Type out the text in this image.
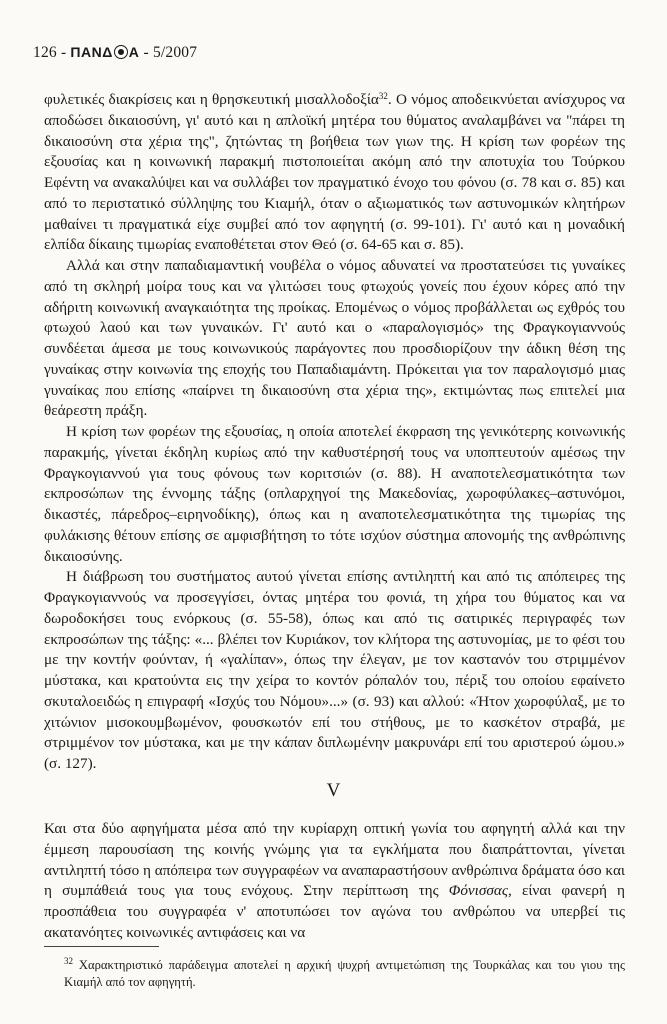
126 - ΠΑΝΔ Α - 5/2007

φυλετικές διακρίσεις και η θρησκευτική μισαλλοδοξία$^{32}$. Ο νόμος αποδεικνύεται ανίσχυρος να αποδώσει δικαιοσύνη, γι' αυτό και η απλοϊκή μητέρα του θύματος αναλαμβάνει να "πάρει τη δικαιοσύνη στα χέρια της", ζητώντας τη βοήθεια των γιων της. Η κρίση των φορέων της εξουσίας και η κοινωνική παρακμή πιστοποιείται ακόμη από την αποτυχία του Τούρκου Εφέντη να ανακαλύψει και να συλλάβει τον πραγματικό ένοχο του φόνου (σ. 78 και σ. 85) και από το περιστατικό σύλληψης του Κιαμήλ, όταν ο αξιωματικός των αστυνομικών κλητήρων μαθαίνει τι πραγματικά είχε συμβεί από τον αφηγητή (σ. 99-101). Γι' αυτό και η μοναδική ελπίδα δίκαιης τιμωρίας εναποθέτεται στον Θεό (σ. 64-65 και σ. 85).

Αλλά και στην παπαδιαμαντική νουβέλα ο νόμος αδυνατεί να προστατεύσει τις γυναίκες από τη σκληρή μοίρα τους και να γλιτώσει τους φτωχούς γονείς που έχουν κόρες από την αδήριτη κοινωνική αναγκαιότητα της προίκας. Επομένως ο νόμος προβάλλεται ως εχθρός του φτωχού λαού και των γυναικών. Γι' αυτό και ο «παραλογισμός» της Φραγκογιαννούς συνδέεται άμεσα με τους κοινωνικούς παράγοντες που προσδιορίζουν την άδικη θέση της γυναίκας στην κοινωνία της εποχής του Παπαδιαμάντη. Πρόκειται για τον παραλογισμό μιας γυναίκας που επίσης «παίρνει τη δικαιοσύνη στα χέρια της», εκτιμώντας πως επιτελεί μια θεάρεστη πράξη.

Η κρίση των φορέων της εξουσίας, η οποία αποτελεί έκφραση της γενικότερης κοινωνικής παρακμής, γίνεται έκδηλη κυρίως από την καθυστέρησή τους να υποπτευτούν αμέσως την Φραγκογιαννού για τους φόνους των κοριτσιών (σ. 88). Η αναποτελεσματικότητα των εκπροσώπων της έννομης τάξης (οπλαρχηγοί της Μακεδονίας, χωροφύλακες–αστυνόμοι, δικαστές, πάρεδρος–ειρηνοδίκης), όπως και η αναποτελεσματικότητα της τιμωρίας της φυλάκισης θέτουν επίσης σε αμφισβήτηση το τότε ισχύον σύστημα απονομής της ανθρώπινης δικαιοσύνης.

Η διάβρωση του συστήματος αυτού γίνεται επίσης αντιληπτή και από τις απόπειρες της Φραγκογιαννούς να προσεγγίσει, όντας μητέρα του φονιά, τη χήρα του θύματος και να δωροδοκήσει τους ενόρκους (σ. 55-58), όπως και από τις σατιρικές περιγραφές των εκπροσώπων της τάξης: «... βλέπει τον Κυριάκον, τον κλήτορα της αστυνομίας, με το φέσι του με την κοντήν φούνταν, ή «γαλίπαν», όπως την έλεγαν, με τον καστανόν του στριμμένον μύστακα, και κρατούντα εις την χείρα το κοντόν ρόπαλόν του, πέριξ του οποίου εφαίνετο σκυταλοειδώς η επιγραφή «Ισχύς του Νόμου»...» (σ. 93) και αλλού: «Ήτον χωροφύλαξ, με το χιτώνιον μισοκουμβωμένον, φουσκωτόν επί του στήθους, με το κασκέτον στραβά, με στριμμένον τον μύστακα, και με την κάπαν διπλωμένην μακρυνάρι επί του αριστερού ώμου.» (σ. 127).

V

Και στα δύο αφηγήματα μέσα από την κυρίαρχη οπτική γωνία του αφηγητή αλλά και την έμμεση παρουσίαση της κοινής γνώμης για τα εγκλήματα που διαπράττονται, γίνεται αντιληπτή τόσο η απόπειρα των συγγραφέων να αναπαραστήσουν ανθρώπινα δράματα όσο και η συμπάθειά τους για τους ενόχους. Στην περίπτωση της Φόνισσας, είναι φανερή η προσπάθεια του συγγραφέα ν' αποτυπώσει τον αγώνα του ανθρώπου να υπερβεί τις ακατανόητες κοινωνικές αντιφάσεις και να

$^{32}$ Χαρακτηριστικό παράδειγμα αποτελεί η αρχική ψυχρή αντιμετώπιση της Τουρκάλας και του γιου της Κιαμήλ από τον αφηγητή.
